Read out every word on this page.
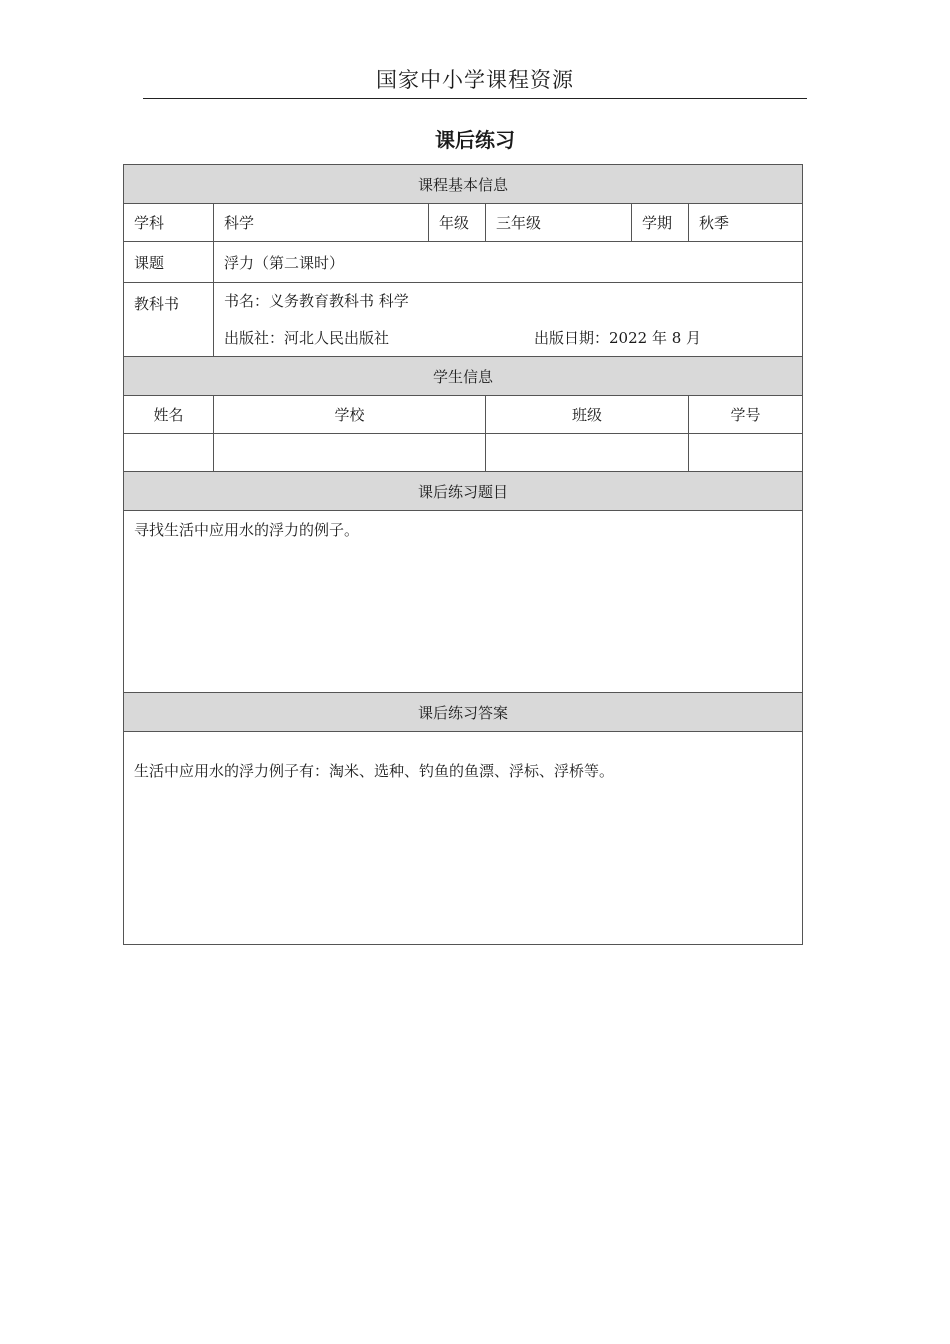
国家中小学课程资源
课后练习
课程基本信息					
学科	科学	年级	三年级	学期	秋季
课题	浮力（第二课时）				
教科书	书名：义务教育教科书 科学
出版社：河北人民出版社 出版日期：2022 年 8 月				

学生信息					
姓名	学校		班级		学号

课后练习题目					
寻找生活中应用水的浮力的例子。					
课后练习答案					
生活中应用水的浮力例子有：淘米、选种、钓鱼的鱼漂、浮标、浮桥等。					
